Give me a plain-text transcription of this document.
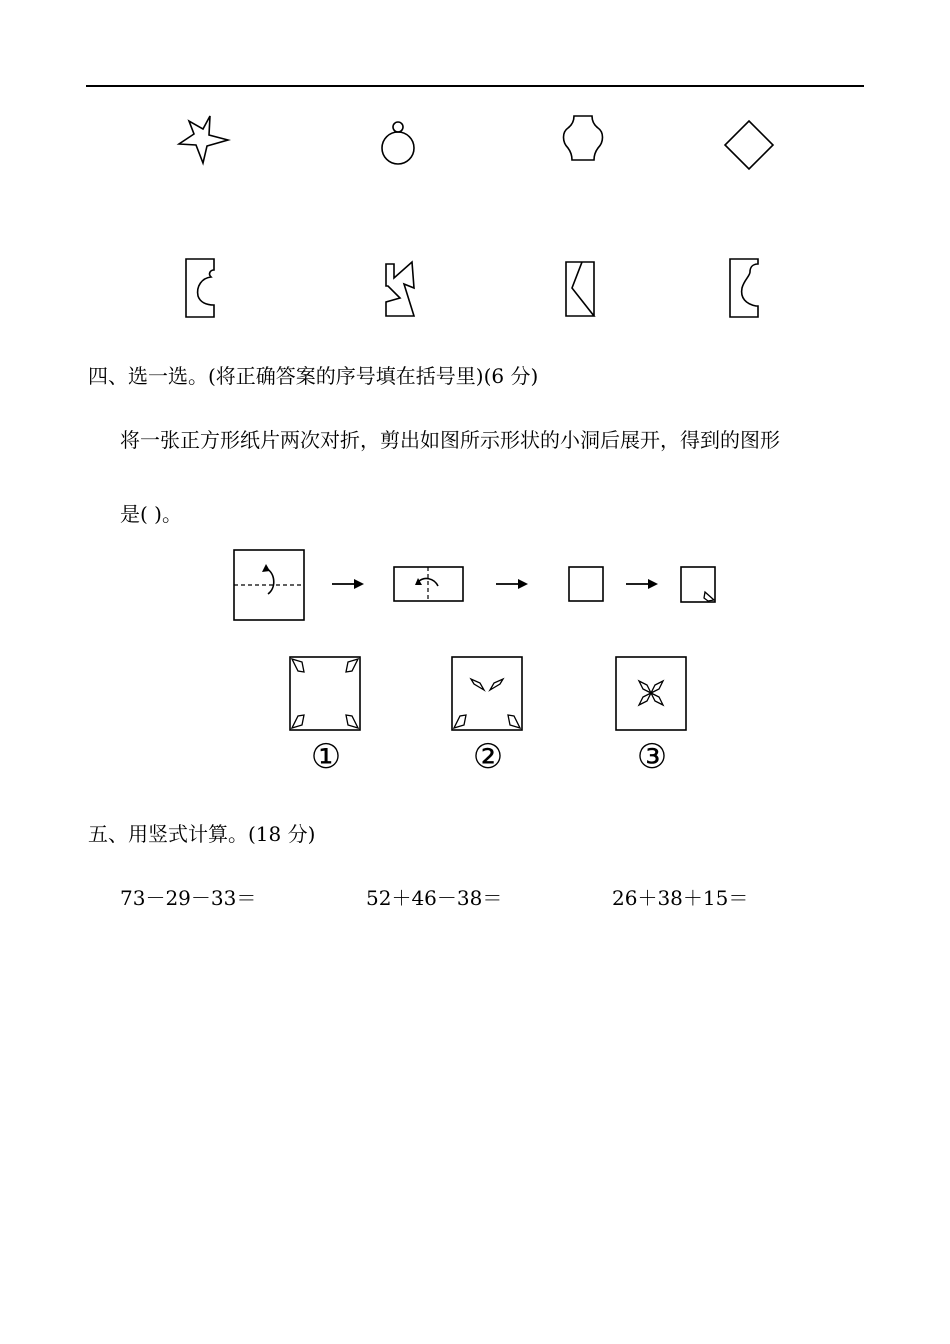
四、选一选。(将正确答案的序号填在括号里)(6 分)
将一张正方形纸片两次对折，剪出如图所示形状的小洞后展开，得到的图形
是( )。
①	②	③
五、用竖式计算。(18 分)
73－29－33＝	52＋46－38＝	26＋38＋15＝
